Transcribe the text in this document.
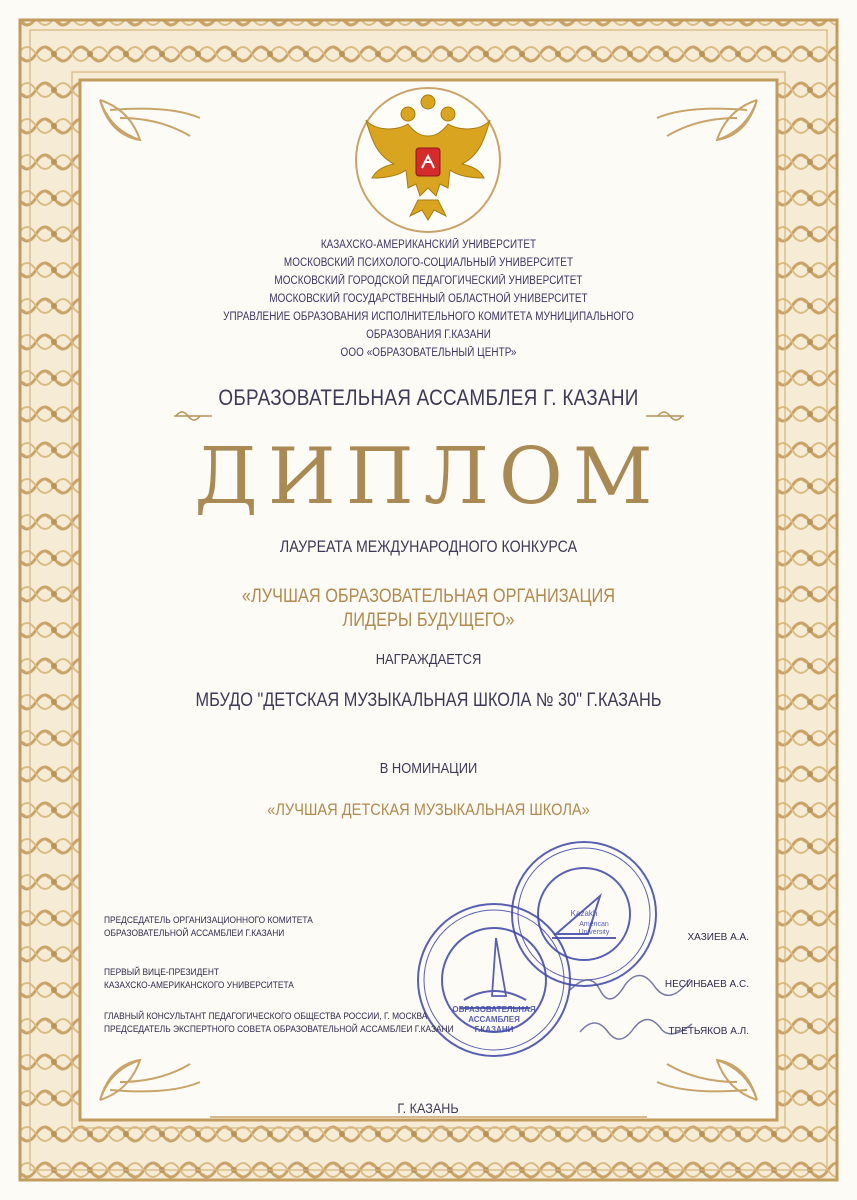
КАЗАХСКО-АМЕРИКАНСКИЙ УНИВЕРСИТЕТ
МОСКОВСКИЙ ПСИХОЛОГО-СОЦИАЛЬНЫЙ УНИВЕРСИТЕТ
МОСКОВСКИЙ ГОРОДСКОЙ ПЕДАГОГИЧЕСКИЙ УНИВЕРСИТЕТ
МОСКОВСКИЙ ГОСУДАРСТВЕННЫЙ ОБЛАСТНОЙ УНИВЕРСИТЕТ
УПРАВЛЕНИЕ ОБРАЗОВАНИЯ ИСПОЛНИТЕЛЬНОГО КОМИТЕТА МУНИЦИПАЛЬНОГО
ОБРАЗОВАНИЯ Г.КАЗАНИ
ООО «ОБРАЗОВАТЕЛЬНЫЙ ЦЕНТР»
ОБРАЗОВАТЕЛЬНАЯ АССАМБЛЕЯ Г. КАЗАНИ
ДИПЛОМ
ЛАУРЕАТА МЕЖДУНАРОДНОГО КОНКУРСА
«ЛУЧШАЯ ОБРАЗОВАТЕЛЬНАЯ ОРГАНИЗАЦИЯ
ЛИДЕРЫ БУДУЩЕГО»
НАГРАЖДАЕТСЯ
МБУДО "ДЕТСКАЯ МУЗЫКАЛЬНАЯ ШКОЛА № 30" Г.КАЗАНЬ
В НОМИНАЦИИ
«ЛУЧШАЯ ДЕТСКАЯ МУЗЫКАЛЬНАЯ ШКОЛА»
Kazakh
American
University
ОБРАЗОВАТЕЛЬНАЯ
АССАМБЛЕЯ
Г.КАЗАНИ
ПРЕДСЕДАТЕЛЬ ОРГАНИЗАЦИОННОГО КОМИТЕТА
ОБРАЗОВАТЕЛЬНОЙ АССАМБЛЕИ Г.КАЗАНИ	ХАЗИЕВ А.А.
ПЕРВЫЙ ВИЦЕ-ПРЕЗИДЕНТ
КАЗАХСКО-АМЕРИКАНСКОГО УНИВЕРСИТЕТА	НЕСИНБАЕВ А.С.
ГЛАВНЫЙ КОНСУЛЬТАНТ ПЕДАГОГИЧЕСКОГО ОБЩЕСТВА РОССИИ, Г. МОСКВА
ПРЕДСЕДАТЕЛЬ ЭКСПЕРТНОГО СОВЕТА ОБРАЗОВАТЕЛЬНОЙ АССАМБЛЕИ Г.КАЗАНИ	ТРЕТЬЯКОВ А.Л.
Г. КАЗАНЬ
